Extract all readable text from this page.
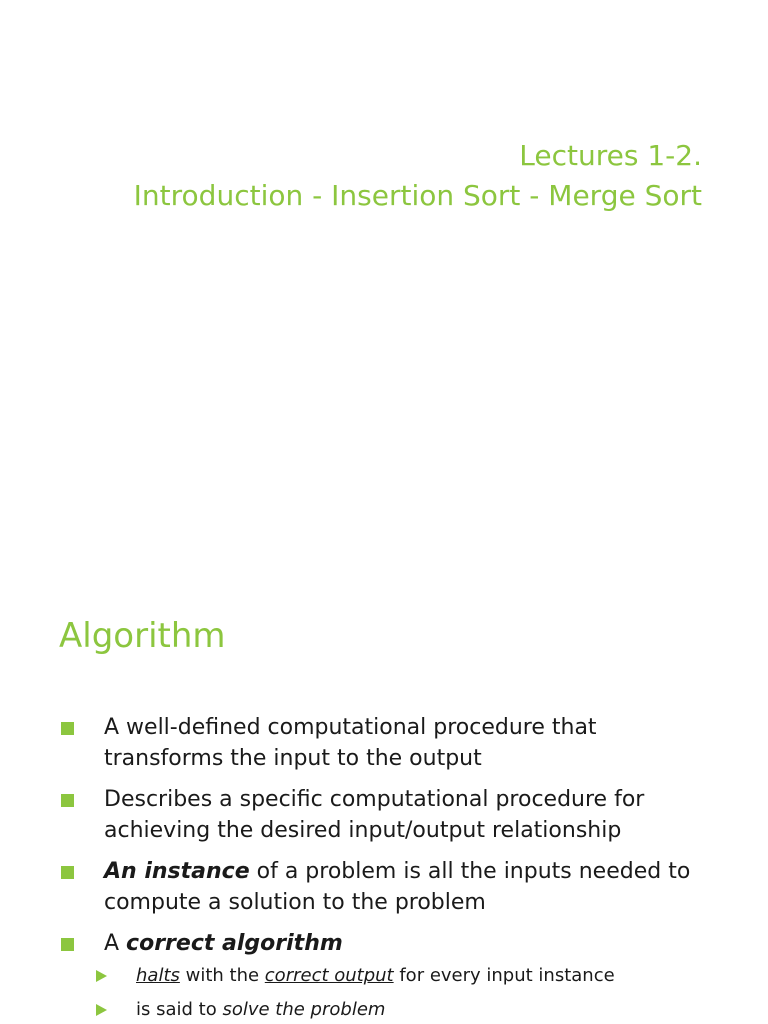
Lectures 1-2.
Introduction - Insertion Sort - Merge Sort
Algorithm
A well-defined computational procedure that transforms the input to the output
Describes a specific computational procedure for achieving the desired input/output relationship
An instance of a problem is all the inputs needed to compute a solution to the problem
A correct algorithm
halts with the correct output for every input instance
is said to solve the problem
